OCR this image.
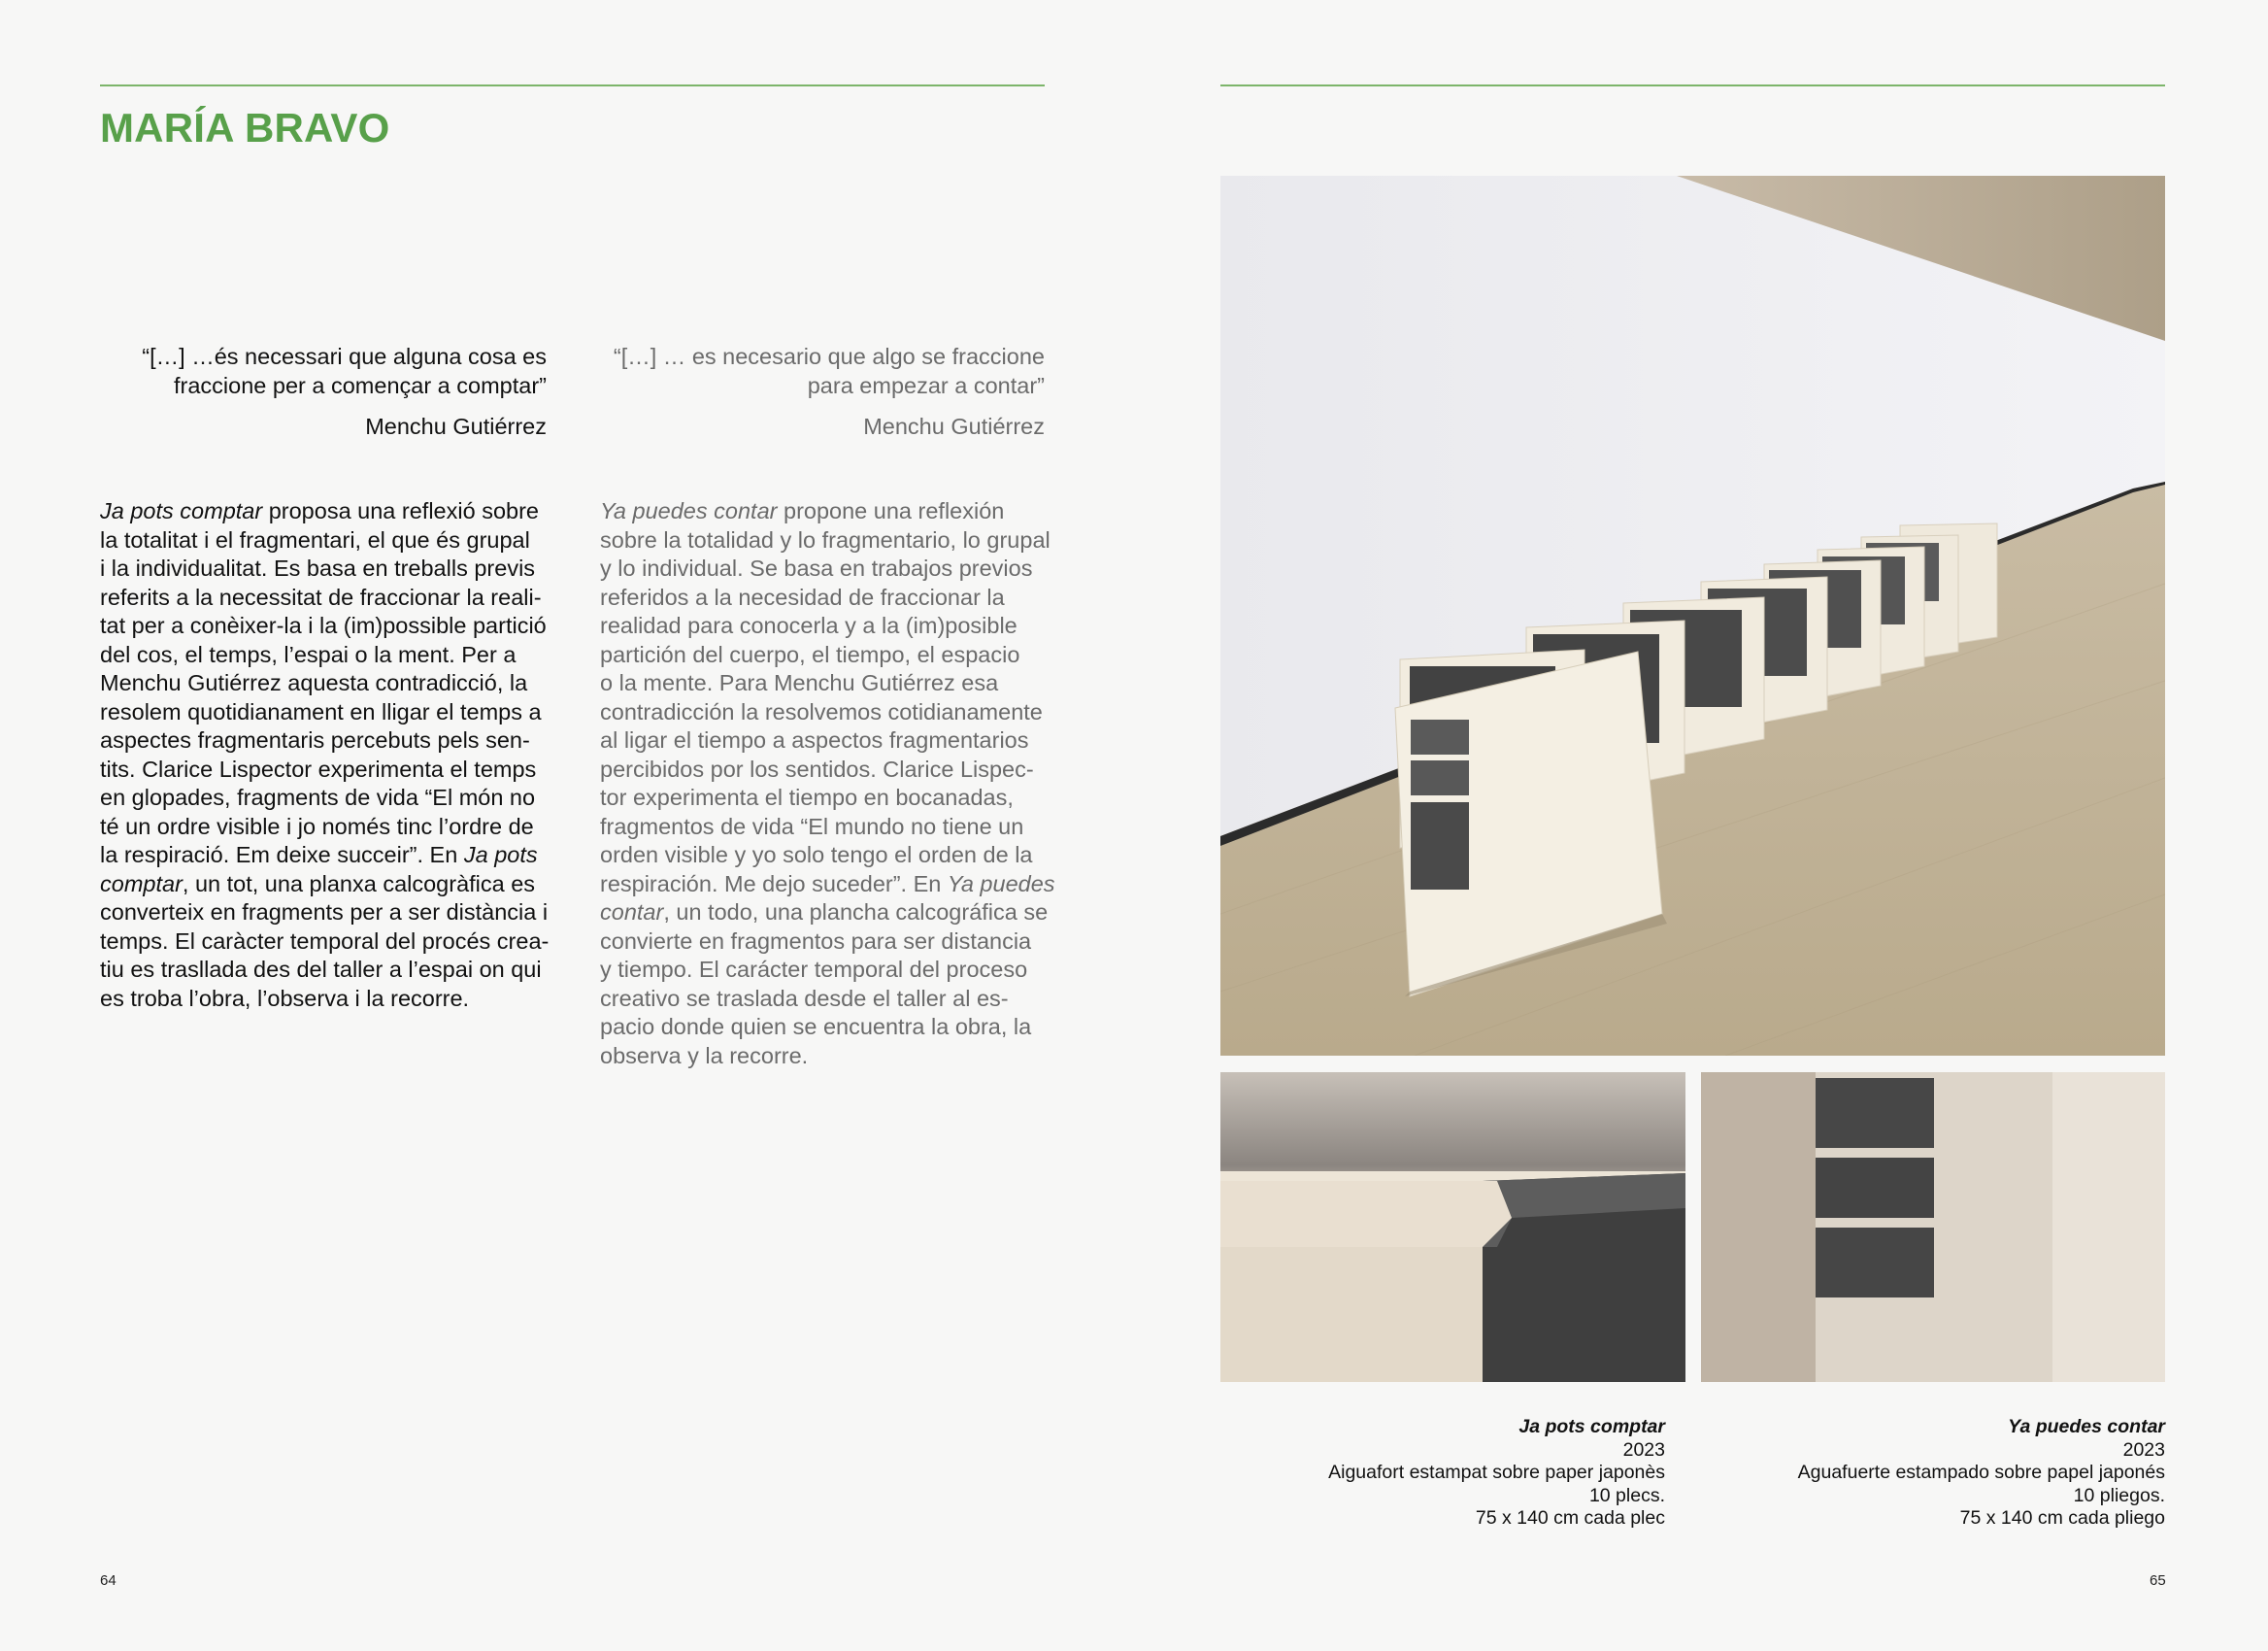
MARÍA BRAVO
“[…] …és necessari que alguna cosa es
fraccione per a començar a comptar”
Menchu Gutiérrez
“[…] … es necesario que algo se fraccione
para empezar a contar”
Menchu Gutiérrez
Ja pots comptar proposa una reflexió sobre
la totalitat i el fragmentari, el que és grupal
i la individualitat. Es basa en treballs previs
referits a la necessitat de fraccionar la reali-
tat per a conèixer-la i la (im)possible partició
del cos, el temps, l’espai o la ment. Per a
Menchu Gutiérrez aquesta contradicció, la
resolem quotidianament en lligar el temps a
aspectes fragmentaris percebuts pels sen-
tits. Clarice Lispector experimenta el temps
en glopades, fragments de vida “El món no
té un ordre visible i jo només tinc l’ordre de
la respiració. Em deixe succeir”. En Ja pots
comptar, un tot, una planxa calcogràfica es
converteix en fragments per a ser distància i
temps. El caràcter temporal del procés crea-
tiu es trasllada des del taller a l’espai on qui
es troba l’obra, l’observa i la recorre.
Ya puedes contar propone una reflexión
sobre la totalidad y lo fragmentario, lo grupal
y lo individual. Se basa en trabajos previos
referidos a la necesidad de fraccionar la
realidad para conocerla y a la (im)posible
partición del cuerpo, el tiempo, el espacio
o la mente. Para Menchu Gutiérrez esa
contradicción la resolvemos cotidianamente
al ligar el tiempo a aspectos fragmentarios
percibidos por los sentidos. Clarice Lispec-
tor experimenta el tiempo en bocanadas,
fragmentos de vida “El mundo no tiene un
orden visible y yo solo tengo el orden de la
respiración. Me dejo suceder”. En Ya puedes
contar, un todo, una plancha calcográfica se
convierte en fragmentos para ser distancia
y tiempo. El carácter temporal del proceso
creativo se traslada desde el taller al es-
pacio donde quien se encuentra la obra, la
observa y la recorre.
Ja pots comptar
2023
Aiguafort estampat sobre paper japonès
10 plecs.
75 x 140 cm cada plec
Ya puedes contar
2023
Aguafuerte estampado sobre papel japonés
10 pliegos.
75 x 140 cm cada pliego
64	65
